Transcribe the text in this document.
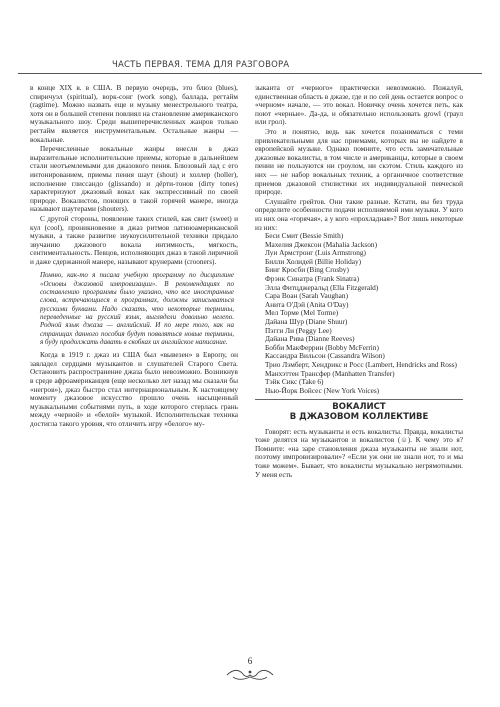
ЧАСТЬ ПЕРВАЯ. ТЕМА ДЛЯ РАЗГОВОРА

в конце XIX в. в США. В первую очередь, это блюз (blues), спиричуэл (spiritual), ворк-сонг (work song), баллада, регтайм (ragtime). Можно назвать еще и музыку менестрельного театра, хотя он в большей степени повлиял на становление американского музыкального шоу. Среди вышеперечисленных жанров только регтайм является инструментальным. Остальные жанры — вокальные.

Перечисленные вокальные жанры внесли в джаз выразительные исполнительские приемы, которые в дальнейшем стали неотъемлемыми для джазового пения. Блюзовый лад с его интонированием, приемы пения шаут (shout) и холлер (holler), исполнение глиссандо (glissando) и дёрти-тонов (dirty tones) характеризуют джазовый вокал как экспрессивный по своей природе. Вокалистов, поющих в такой горячей манере, иногда называют шаутерами (shouters).

С другой стороны, появление таких стилей, как свит (sweet) и кул (cool), проникновение в джаз ритмов латиноамериканской музыки, а также развитие звукоусилительной техники придало звучанию джазового вокала интимность, мягкость, сентиментальность. Певцов, исполняющих джаз в такой лиричной и даже сдержанной манере, называют крунерами (crooners).

Помню, как-то я писала учебную программу по дисциплине «Основы джазовой импровизации». В рекомендациях по составлению программы было указано, что все иностранные слова, встречающиеся в программах, должны записываться русскими буквами. Надо сказать, что некоторые термины, переведенные на русский язык, выглядели довольно нелепо. Родной язык джаза — английский. И по мере того, как на страницах данного пособия будут появляться новые термины, я буду продолжать давать в скобках их английское написание.

Когда в 1919 г. джаз из США был «вывезен» в Европу, он завладел сердцами музыкантов и слушателей Старого Света. Остановить распространение джаза было невозможно. Возникнув в среде афроамериканцев (еще несколько лет назад мы сказали бы «негров»), джаз быстро стал интернациональным. К настоящему моменту джазовое искусство прошло очень насыщенный музыкальными событиями путь, в ходе которого стерлась грань между «черной» и «белой» музыкой. Исполнительская техника достигла такого уровня, что отличить игру «белого» му-

зыканта от «черного» практически невозможно. Пожалуй, единственная область в джазе, где и по сей день остается вопрос о «черном» начале, — это вокал. Новичку очень хочется петь, как поют «черные». Да-да, и обязательно использовать growl (граул или грол).

Это и понятно, ведь как хочется позаниматься с теми привлекательными для нас приемами, которых вы не найдете в европейской музыке. Однако помните, что есть замечательные джазовые вокалисты, в том числе и американцы, которые в своем пении не пользуются ни гроулом, ни скэтом. Стиль каждого из них — не набор вокальных техник, а органичное соответствие приемов джазовой стилистики их индивидуальной певческой природе.

Слушайте грейтов. Они такие разные. Кстати, вы без труда определите особенности подачи исполняемой ими музыки. У кого из них она «горячая», а у кого «прохладная»? Вот лишь некоторые из них:

Беси Смит (Bessie Smith)
Махелия Джексон (Mahalia Jackson)
Луи Армстронг (Luis Armstrong)
Билли Холидей (Billie Holiday)
Бинг Кросби (Bing Crosby)
Фрэнк Синатра (Frank Sinatra)
Элла Фитцджеральд (Ella Fitzgerald)
Сара Воан (Sarah Vaughan)
Анита О'Дэй (Anita O'Day)
Мел Торме (Mel Torme)
Дайана Шур (Diane Shuur)
Пэгги Ли (Peggy Lee)
Дайана Рива (Dianne Reeves)
Бобби МакФеррин (Bobby McFerrin)
Кассандра Вильсон (Cassandra Wilson)
Трио Лэмберт, Хендрикс и Росс (Lambert, Hendricks and Ross)
Манхэттен Трансфер (Manhatten Transfer)
Тэйк Сикс (Take 6)
Нью-Йорк Войсес (New York Voices)
ВОКАЛИСТ
В ДЖАЗОВОМ КОЛЛЕКТИВЕ

Говорят: есть музыканты и есть вокалисты. Правда, вокалисты тоже делятся на музыкантов и вокалистов (☺). К чему это я? Помните: «на заре становления джаза музыканты не знали нот, поэтому импровизировали»? «Если уж они не знали нот, то и мы тоже можем». Бывает, что вокалисты музыкально негрямотными. У меня есть

6
